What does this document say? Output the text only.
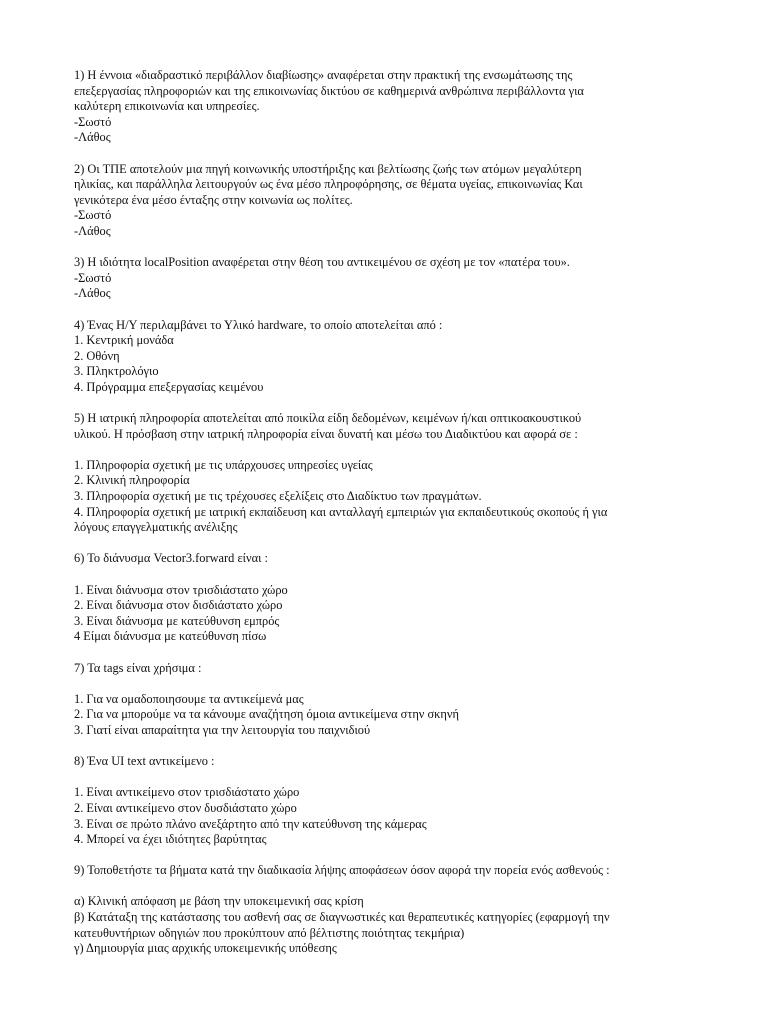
1) Η έννοια «διαδραστικό περιβάλλον διαβίωσης» αναφέρεται στην πρακτική της ενσωμάτωσης της
επεξεργασίας πληροφοριών και της επικοινωνίας δικτύου σε καθημερινά ανθρώπινα περιβάλλοντα για
καλύτερη επικοινωνία και υπηρεσίες.
-Σωστό
-Λάθος
2) Οι ΤΠΕ αποτελούν μια πηγή κοινωνικής υποστήριξης και βελτίωσης ζωής των ατόμων μεγαλύτερη
ηλικίας, και παράλληλα λειτουργούν ως ένα μέσο πληροφόρησης, σε θέματα υγείας, επικοινωνίας Και
γενικότερα ένα μέσο ένταξης στην κοινωνία ως πολίτες.
-Σωστό
-Λάθος
3) Η ιδιότητα localPosition αναφέρεται στην θέση του αντικειμένου σε σχέση με τον «πατέρα του».
-Σωστό
-Λάθος
4) Ένας Η/Υ περιλαμβάνει το Υλικό hardware, το οποίο αποτελείται από :
1. Κεντρική μονάδα
2. Οθόνη
3. Πληκτρολόγιο
4. Πρόγραμμα επεξεργασίας κειμένου
5) Η ιατρική πληροφορία αποτελείται από ποικίλα είδη δεδομένων, κειμένων ή/και οπτικοακουστικού
υλικού. Η πρόσβαση στην ιατρική πληροφορία είναι δυνατή και μέσω του Διαδικτύου και αφορά σε :
1. Πληροφορία σχετική με τις υπάρχουσες υπηρεσίες υγείας
2. Κλινική πληροφορία
3. Πληροφορία σχετική με τις τρέχουσες εξελίξεις στο Διαδίκτυο των πραγμάτων.
4. Πληροφορία σχετική με ιατρική εκπαίδευση και ανταλλαγή εμπειριών για εκπαιδευτικούς σκοπούς ή για
λόγους επαγγελματικής ανέλιξης
6) Το διάνυσμα Vector3.forward είναι :
1. Είναι διάνυσμα στον τρισδιάστατο χώρο
2. Είναι διάνυσμα στον δισδιάστατο χώρο
3. Είναι διάνυσμα με κατεύθυνση εμπρός
4 Είμαι διάνυσμα με κατεύθυνση πίσω
7) Τα tags είναι χρήσιμα :
1. Για να ομαδοποιησουμε τα αντικείμενά μας
2. Για να μπορούμε να τα κάνουμε αναζήτηση όμοια αντικείμενα στην σκηνή
3. Γιατί είναι απαραίτητα για την λειτουργία του παιχνιδιού
8) Ένα UI text αντικείμενο :
1. Είναι αντικείμενο στον τρισδιάστατο χώρο
2. Είναι αντικείμενο στον δυσδιάστατο χώρο
3. Είναι σε πρώτο πλάνο ανεξάρτητο από την κατεύθυνση της κάμερας
4. Μπορεί να έχει ιδιότητες βαρύτητας
9) Τοποθετήστε τα βήματα κατά την διαδικασία λήψης αποφάσεων όσον αφορά την πορεία ενός ασθενούς :
α) Κλινική απόφαση με βάση την υποκειμενική σας κρίση
β) Κατάταξη της κατάστασης του ασθενή σας σε διαγνωστικές και θεραπευτικές κατηγορίες (εφαρμογή την
κατευθυντήριων οδηγιών που προκύπτουν από βέλτιστης ποιότητας τεκμήρια)
γ) Δημιουργία μιας αρχικής υποκειμενικής υπόθεσης
